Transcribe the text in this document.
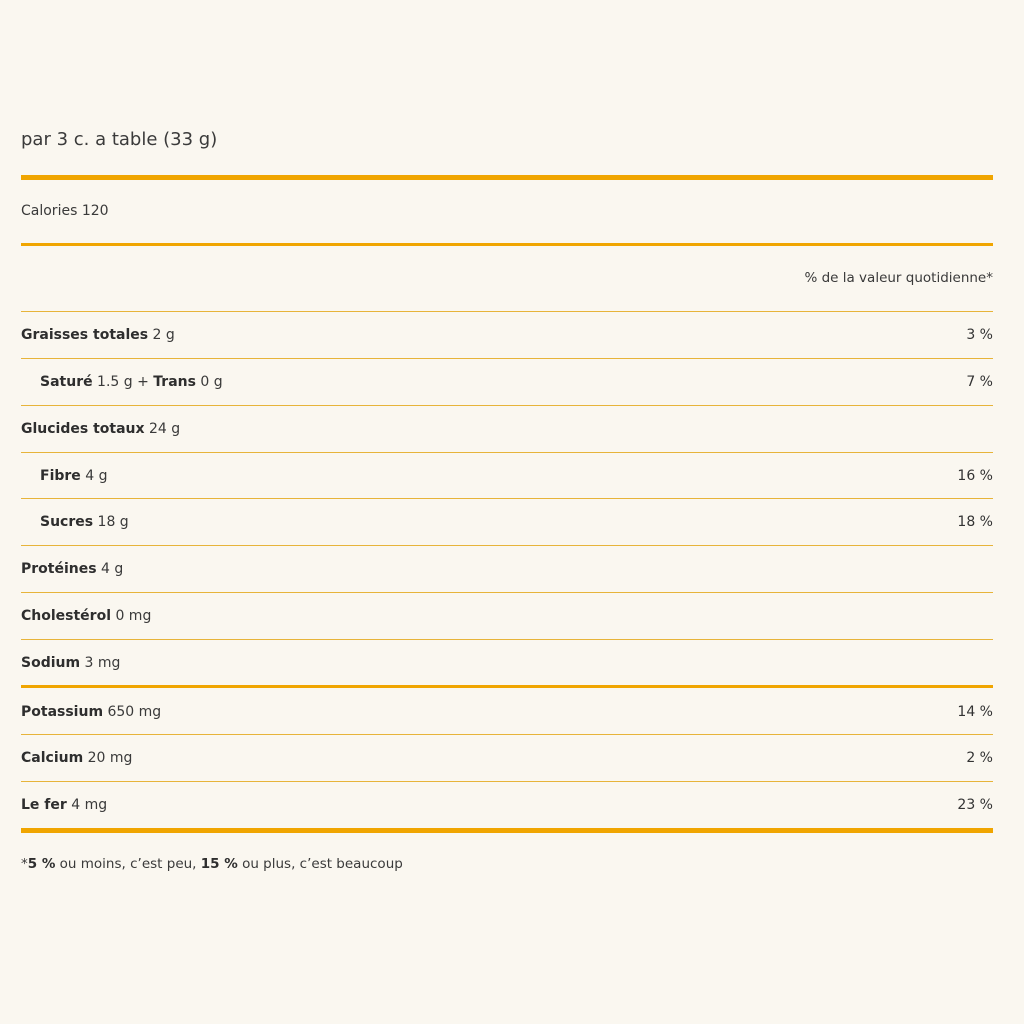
par 3 c. a table (33 g)
Calories 120
% de la valeur quotidienne*
Graisses totales 2 g	3 %
Saturé 1.5 g + Trans 0 g	7 %
Glucides totaux 24 g
Fibre 4 g	16 %
Sucres 18 g	18 %
Protéines 4 g
Cholestérol 0 mg
Sodium 3 mg
Potassium 650 mg	14 %
Calcium 20 mg	2 %
Le fer 4 mg	23 %
*5 % ou moins, c’est peu, 15 % ou plus, c’est beaucoup
